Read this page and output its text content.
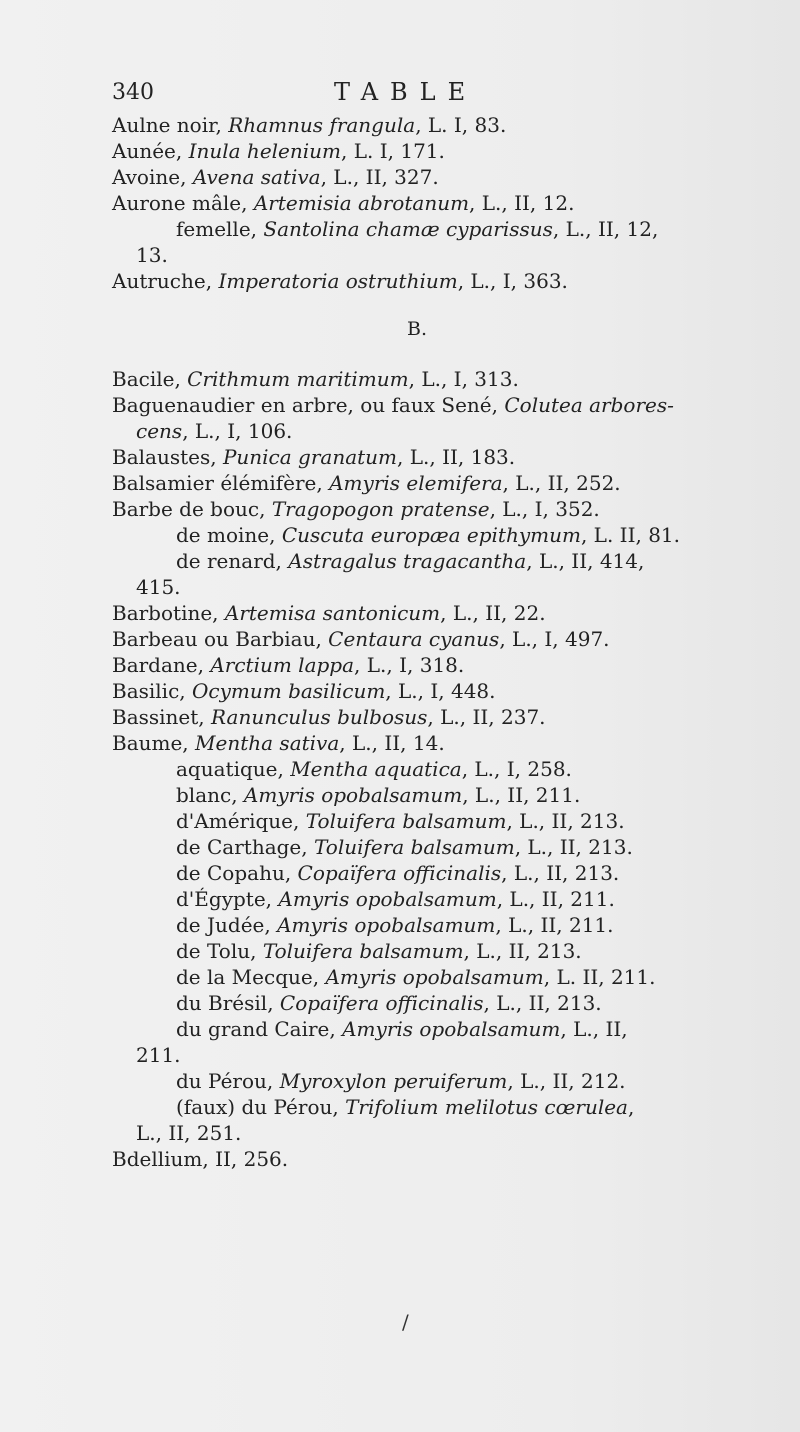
340	TABLE
Aulne noir, Rhamnus frangula, L. I, 83.
Aunée, Inula helenium, L. I, 171.
Avoine, Avena sativa, L., II, 327.
Aurone mâle, Artemisia abrotanum, L., II, 12.
femelle, Santolina chamæ cyparissus, L., II, 12,
13.
Autruche, Imperatoria ostruthium, L., I, 363.
B.
Bacile, Crithmum maritimum, L., I, 313.
Baguenaudier en arbre, ou faux Sené, Colutea arbores-
cens, L., I, 106.
Balaustes, Punica granatum, L., II, 183.
Balsamier élémifère, Amyris elemifera, L., II, 252.
Barbe de bouc, Tragopogon pratense, L., I, 352.
de moine, Cuscuta europæa epithymum, L. II, 81.
de renard, Astragalus tragacantha, L., II, 414,
415.
Barbotine, Artemisa santonicum, L., II, 22.
Barbeau ou Barbiau, Centaura cyanus, L., I, 497.
Bardane, Arctium lappa, L., I, 318.
Basilic, Ocymum basilicum, L., I, 448.
Bassinet, Ranunculus bulbosus, L., II, 237.
Baume, Mentha sativa, L., II, 14.
aquatique, Mentha aquatica, L., I, 258.
blanc, Amyris opobalsamum, L., II, 211.
d'Amérique, Toluifera balsamum, L., II, 213.
de Carthage, Toluifera balsamum, L., II, 213.
de Copahu, Copaïfera officinalis, L., II, 213.
d'Égypte, Amyris opobalsamum, L., II, 211.
de Judée, Amyris opobalsamum, L., II, 211.
de Tolu, Toluifera balsamum, L., II, 213.
de la Mecque, Amyris opobalsamum, L. II, 211.
du Brésil, Copaïfera officinalis, L., II, 213.
du grand Caire, Amyris opobalsamum, L., II,
211.
du Pérou, Myroxylon peruiferum, L., II, 212.
(faux) du Pérou, Trifolium melilotus cœrulea,
L., II, 251.
Bdellium, II, 256.
/
